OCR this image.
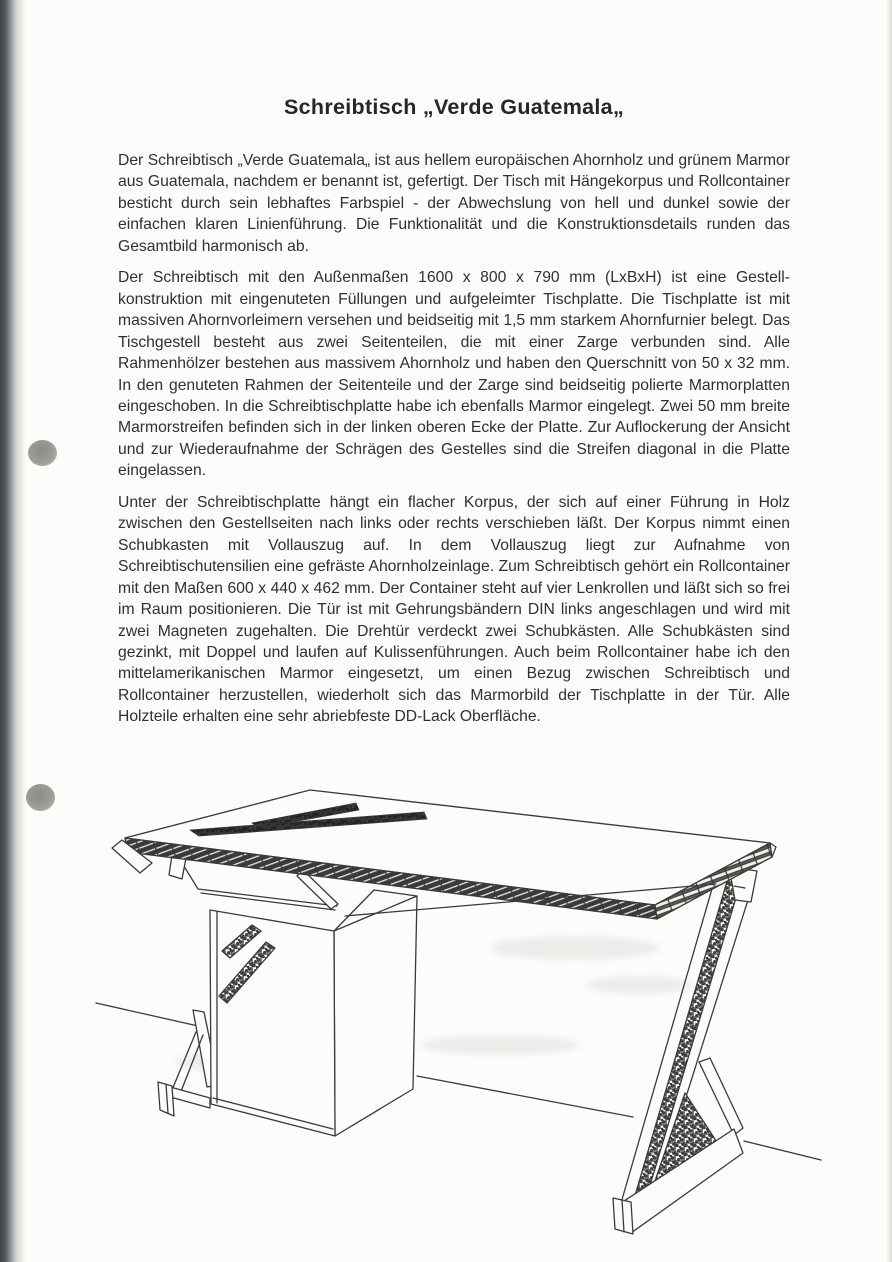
Schreibtisch „Verde Guatemala„

Der Schreibtisch „Verde Guatemala„ ist aus hellem europäischen Ahornholz und grünem Marmor aus Guatemala, nachdem er benannt ist, gefertigt. Der Tisch mit Hängekorpus und Rollcontainer besticht durch sein lebhaftes Farbspiel - der Abwechslung von hell und dunkel sowie der einfachen klaren Linienführung. Die Funktionalität und die Konstruktionsdetails runden das Gesamtbild harmonisch ab.

Der Schreibtisch mit den Außenmaßen 1600 x 800 x 790 mm (LxBxH) ist eine Gestell-konstruktion mit eingenuteten Füllungen und aufgeleimter Tischplatte. Die Tischplatte ist mit massiven Ahornvorleimern versehen und beidseitig mit 1,5 mm starkem Ahornfurnier belegt. Das Tischgestell besteht aus zwei Seitenteilen, die mit einer Zarge verbunden sind. Alle Rahmenhölzer bestehen aus massivem Ahornholz und haben den Querschnitt von 50 x 32 mm. In den genuteten Rahmen der Seitenteile und der Zarge sind beidseitig polierte Marmorplatten eingeschoben. In die Schreibtischplatte habe ich ebenfalls Marmor eingelegt. Zwei 50 mm breite Marmorstreifen befinden sich in der linken oberen Ecke der Platte. Zur Auflockerung der Ansicht und zur Wiederaufnahme der Schrägen des Gestelles sind die Streifen diagonal in die Platte eingelassen.

Unter der Schreibtischplatte hängt ein flacher Korpus, der sich auf einer Führung in Holz zwischen den Gestellseiten nach links oder rechts verschieben läßt. Der Korpus nimmt einen Schubkasten mit Vollauszug auf. In dem Vollauszug liegt zur Aufnahme von Schreibtischutensilien eine gefräste Ahornholzeinlage. Zum Schreibtisch gehört ein Rollcontainer mit den Maßen 600 x 440 x 462 mm. Der Container steht auf vier Lenkrollen und läßt sich so frei im Raum positionieren. Die Tür ist mit Gehrungsbändern DIN links angeschlagen und wird mit zwei Magneten zugehalten. Die Drehtür verdeckt zwei Schubkästen. Alle Schubkästen sind gezinkt, mit Doppel und laufen auf Kulissenführungen. Auch beim Rollcontainer habe ich den mittelamerikanischen Marmor eingesetzt, um einen Bezug zwischen Schreibtisch und Rollcontainer herzustellen, wiederholt sich das Marmorbild der Tischplatte in der Tür. Alle Holzteile erhalten eine sehr abriebfeste DD-Lack Oberfläche.
